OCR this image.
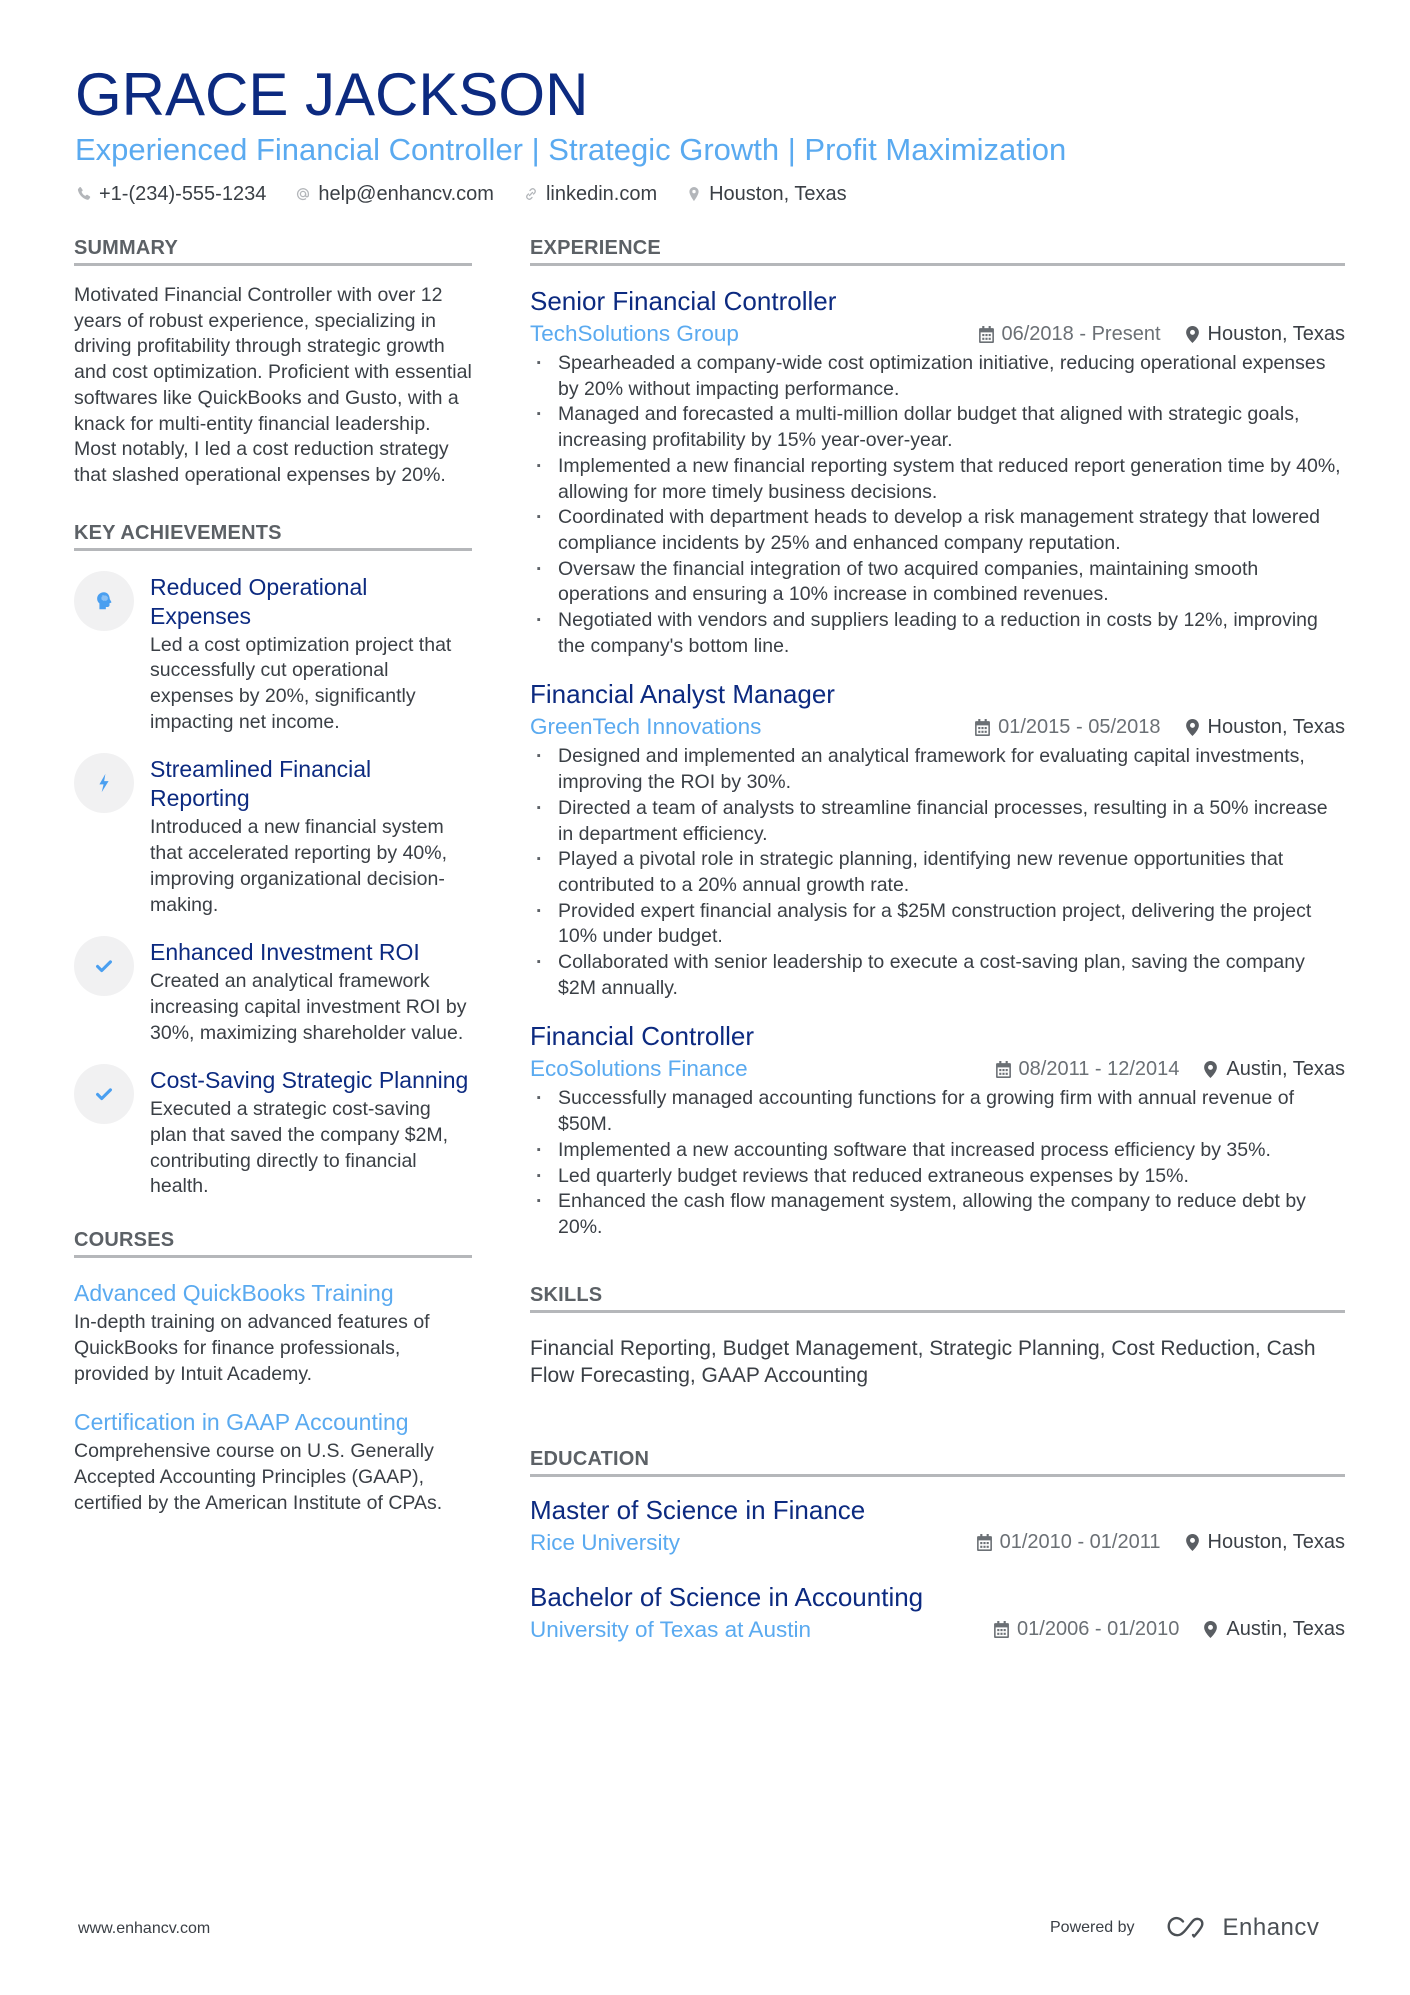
GRACE JACKSON
Experienced Financial Controller | Strategic Growth | Profit Maximization
+1-(234)-555-1234	help@enhancv.com	linkedin.com	Houston, Texas
SUMMARY

Motivated Financial Controller with over 12 years of robust experience, specializing in driving profitability through strategic growth and cost optimization. Proficient with essential softwares like QuickBooks and Gusto, with a knack for multi-entity financial leadership. Most notably, I led a cost reduction strategy that slashed operational expenses by 20%.

KEY ACHIEVEMENTS
Reduced Operational Expenses
Led a cost optimization project that successfully cut operational expenses by 20%, significantly impacting net income.
Streamlined Financial Reporting
Introduced a new financial system that accelerated reporting by 40%, improving organizational decision-making.
Enhanced Investment ROI
Created an analytical framework increasing capital investment ROI by 30%, maximizing shareholder value.
Cost-Saving Strategic Planning
Executed a strategic cost-saving plan that saved the company $2M, contributing directly to financial health.
COURSES
Advanced QuickBooks Training
In-depth training on advanced features of QuickBooks for finance professionals, provided by Intuit Academy.
Certification in GAAP Accounting
Comprehensive course on U.S. Generally Accepted Accounting Principles (GAAP), certified by the American Institute of CPAs.
EXPERIENCE
Senior Financial Controller
TechSolutions Group	06/2018 - Present Houston, Texas
· Spearheaded a company-wide cost optimization initiative, reducing operational expenses by 20% without impacting performance.
· Managed and forecasted a multi-million dollar budget that aligned with strategic goals, increasing profitability by 15% year-over-year.
· Implemented a new financial reporting system that reduced report generation time by 40%, allowing for more timely business decisions.
· Coordinated with department heads to develop a risk management strategy that lowered compliance incidents by 25% and enhanced company reputation.
· Oversaw the financial integration of two acquired companies, maintaining smooth operations and ensuring a 10% increase in combined revenues.
· Negotiated with vendors and suppliers leading to a reduction in costs by 12%, improving the company's bottom line.
Financial Analyst Manager
GreenTech Innovations	01/2015 - 05/2018 Houston, Texas
· Designed and implemented an analytical framework for evaluating capital investments, improving the ROI by 30%.
· Directed a team of analysts to streamline financial processes, resulting in a 50% increase in department efficiency.
· Played a pivotal role in strategic planning, identifying new revenue opportunities that contributed to a 20% annual growth rate.
· Provided expert financial analysis for a $25M construction project, delivering the project 10% under budget.
· Collaborated with senior leadership to execute a cost-saving plan, saving the company $2M annually.
Financial Controller
EcoSolutions Finance	08/2011 - 12/2014 Austin, Texas
· Successfully managed accounting functions for a growing firm with annual revenue of $50M.
· Implemented a new accounting software that increased process efficiency by 35%.
· Led quarterly budget reviews that reduced extraneous expenses by 15%.
· Enhanced the cash flow management system, allowing the company to reduce debt by 20%.
SKILLS

Financial Reporting, Budget Management, Strategic Planning, Cost Reduction, Cash Flow Forecasting, GAAP Accounting

EDUCATION
Master of Science in Finance
Rice University	01/2010 - 01/2011 Houston, Texas
Bachelor of Science in Accounting
University of Texas at Austin	01/2006 - 01/2010 Austin, Texas
www.enhancv.com	Powered by	Enhancv
